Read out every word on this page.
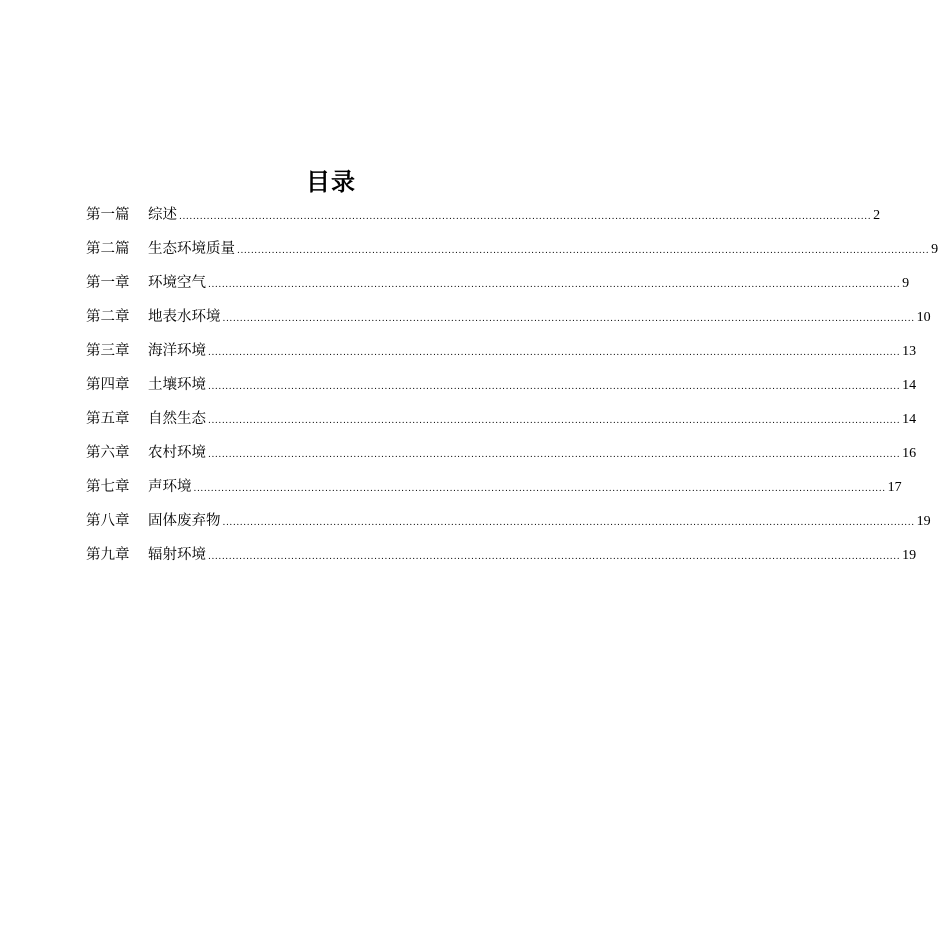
目录
第一篇	综述 ........................................................................................................................................................................................................ 2
第二篇	生态环境质量 ........................................................................................................................................................................................................ 9
第一章	环境空气 ........................................................................................................................................................................................................ 9
第二章	地表水环境 ........................................................................................................................................................................................................ 10
第三章	海洋环境 ........................................................................................................................................................................................................ 13
第四章	土壤环境 ........................................................................................................................................................................................................ 14
第五章	自然生态 ........................................................................................................................................................................................................ 14
第六章	农村环境 ........................................................................................................................................................................................................ 16
第七章	声环境 ........................................................................................................................................................................................................ 17
第八章	固体废弃物 ........................................................................................................................................................................................................ 19
第九章	辐射环境 ........................................................................................................................................................................................................ 19
